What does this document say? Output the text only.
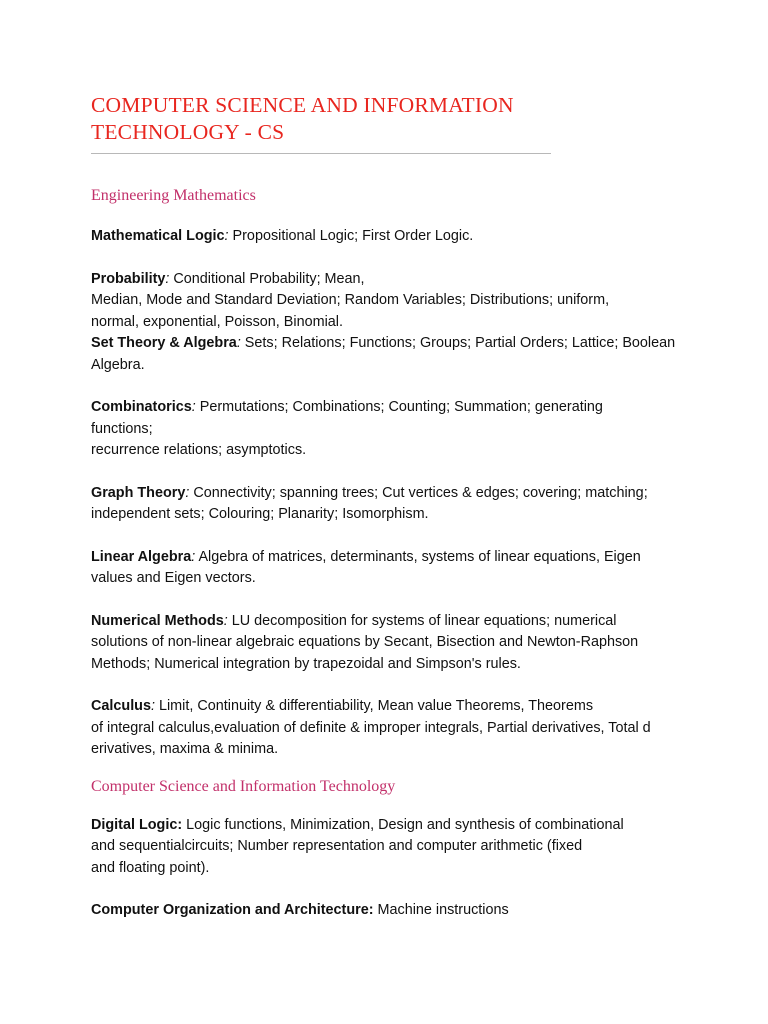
COMPUTER SCIENCE AND INFORMATION
TECHNOLOGY - CS
Engineering Mathematics

Mathematical Logic: Propositional Logic; First Order Logic.

Probability: Conditional Probability; Mean,
Median, Mode and Standard Deviation; Random Variables; Distributions; uniform,
normal, exponential, Poisson, Binomial.

Set Theory & Algebra: Sets; Relations; Functions; Groups; Partial Orders; Lattice; Boolean
Algebra.

Combinatorics: Permutations; Combinations; Counting; Summation; generating
functions;
recurrence relations; asymptotics.

Graph Theory: Connectivity; spanning trees; Cut vertices & edges; covering; matching;
independent sets; Colouring; Planarity; Isomorphism.

Linear Algebra: Algebra of matrices, determinants, systems of linear equations, Eigen
values and Eigen vectors.

Numerical Methods: LU decomposition for systems of linear equations; numerical
solutions of non-linear algebraic equations by Secant, Bisection and Newton-Raphson
Methods; Numerical integration by trapezoidal and Simpson's rules.

Calculus: Limit, Continuity & differentiability, Mean value Theorems, Theorems
of integral calculus,evaluation of definite & improper integrals, Partial derivatives, Total d
erivatives, maxima & minima.

Computer Science and Information Technology

Digital Logic: Logic functions, Minimization, Design and synthesis of combinational
and sequentialcircuits; Number representation and computer arithmetic (fixed
and floating point).

Computer Organization and Architecture: Machine instructions
